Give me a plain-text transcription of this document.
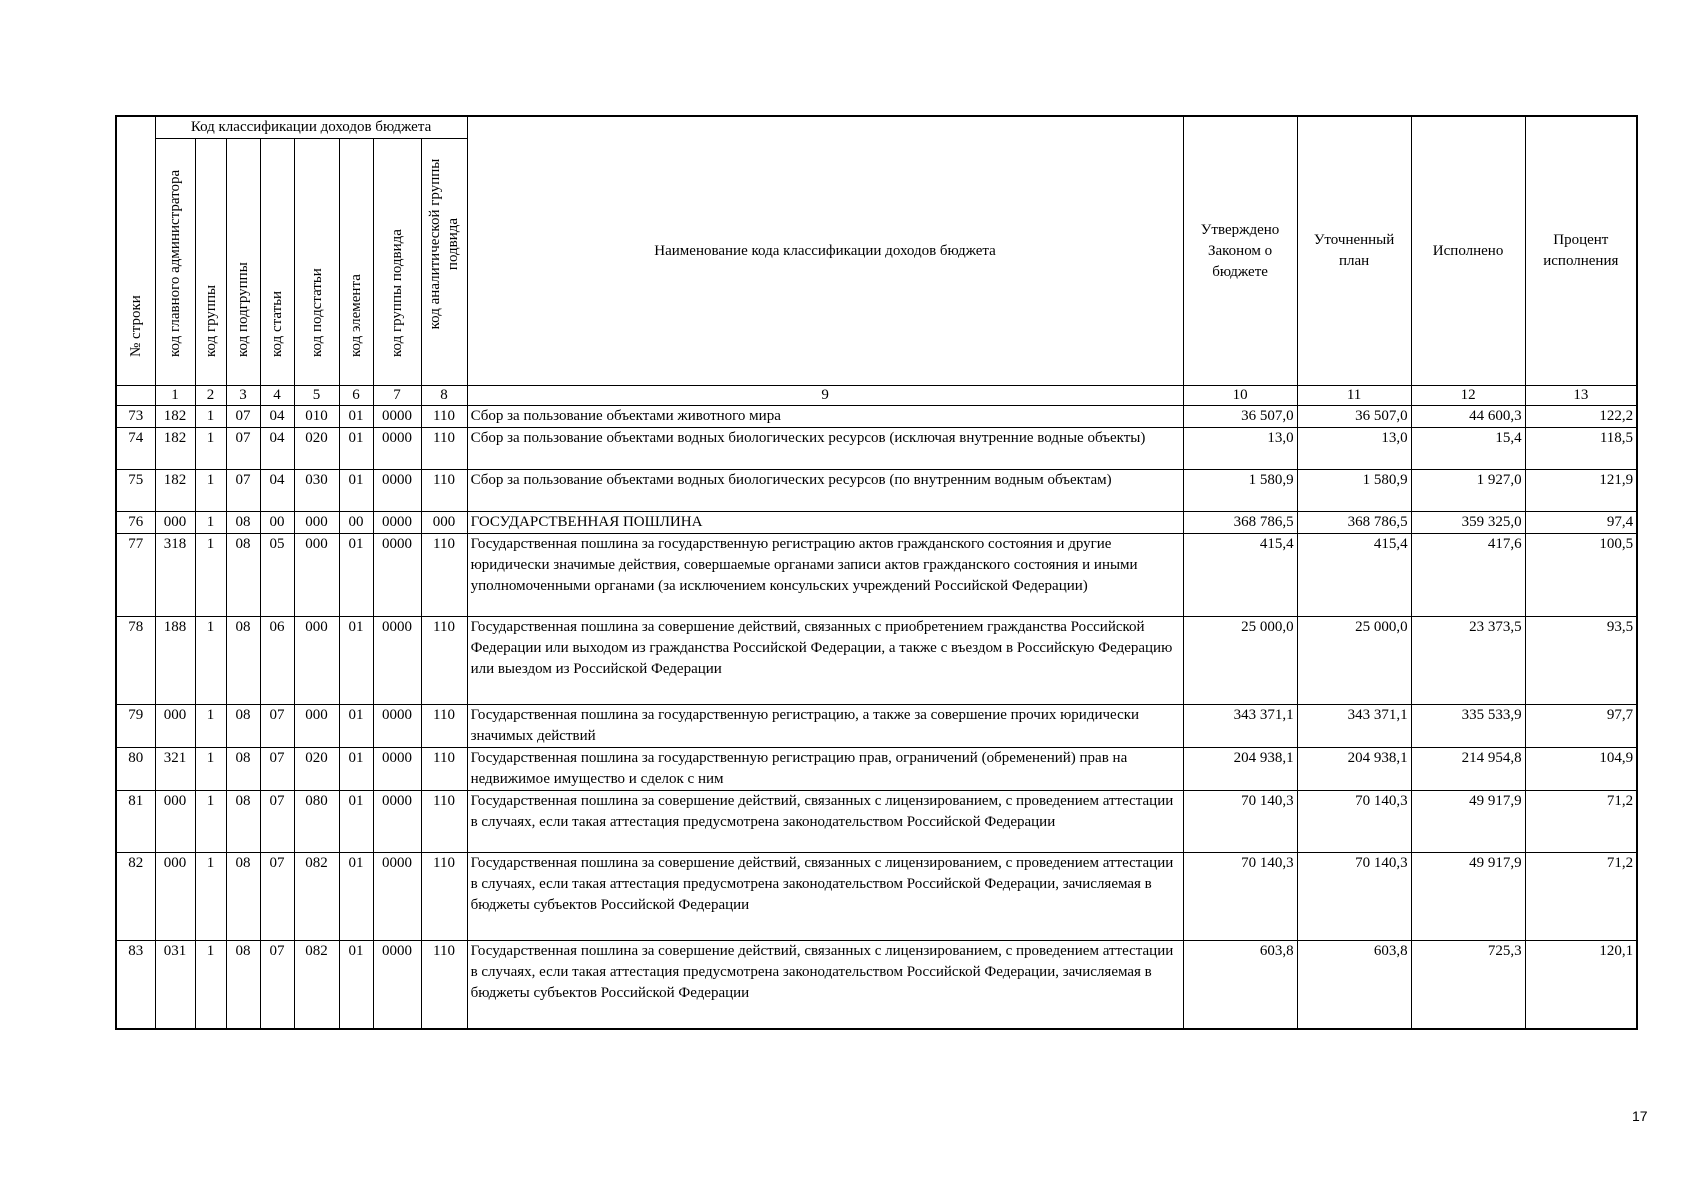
№ строки	Код классификации доходов бюджета								Наименование кода классификации доходов бюджета	Утверждено Законом о бюджете	Уточненный план	Исполнено	Процент исполнения

	код главного администратора	код группы	код подгруппы	код статьи	код подстатьи	код элемента	код группы подвида	код аналитической группы подвида					

	1	2	3	4	5	6	7	8	9	10	11	12	13
73	182	1	07	04	010	01	0000	110	Сбор за пользование объектами животного мира	36 507,0	36 507,0	44 600,3	122,2
74	182	1	07	04	020	01	0000	110	Сбор за пользование объектами водных биологических ресурсов (исключая внутренние водные объекты)	13,0	13,0	15,4	118,5
75	182	1	07	04	030	01	0000	110	Сбор за пользование объектами водных биологических ресурсов (по внутренним водным объектам)	1 580,9	1 580,9	1 927,0	121,9
76	000	1	08	00	000	00	0000	000	ГОСУДАРСТВЕННАЯ ПОШЛИНА	368 786,5	368 786,5	359 325,0	97,4
77	318	1	08	05	000	01	0000	110	Государственная пошлина за государственную регистрацию актов гражданского состояния и другие юридически значимые действия, совершаемые органами записи актов гражданского состояния и иными уполномоченными органами (за исключением консульских учреждений Российской Федерации)	415,4	415,4	417,6	100,5
78	188	1	08	06	000	01	0000	110	Государственная пошлина за совершение действий, связанных с приобретением гражданства Российской Федерации или выходом из гражданства Российской Федерации, а также с въездом в Российскую Федерацию или выездом из Российской Федерации	25 000,0	25 000,0	23 373,5	93,5
79	000	1	08	07	000	01	0000	110	Государственная пошлина за государственную регистрацию, а также за совершение прочих юридически значимых действий	343 371,1	343 371,1	335 533,9	97,7
80	321	1	08	07	020	01	0000	110	Государственная пошлина за государственную регистрацию прав, ограничений (обременений) прав на недвижимое имущество и сделок с ним	204 938,1	204 938,1	214 954,8	104,9
81	000	1	08	07	080	01	0000	110	Государственная пошлина за совершение действий, связанных с лицензированием, с проведением аттестации в случаях, если такая аттестация предусмотрена законодательством Российской Федерации	70 140,3	70 140,3	49 917,9	71,2
82	000	1	08	07	082	01	0000	110	Государственная пошлина за совершение действий, связанных с лицензированием, с проведением аттестации в случаях, если такая аттестация предусмотрена законодательством Российской Федерации, зачисляемая в бюджеты субъектов Российской Федерации	70 140,3	70 140,3	49 917,9	71,2
83	031	1	08	07	082	01	0000	110	Государственная пошлина за совершение действий, связанных с лицензированием, с проведением аттестации в случаях, если такая аттестация предусмотрена законодательством Российской Федерации, зачисляемая в бюджеты субъектов Российской Федерации	603,8	603,8	725,3	120,1
17
